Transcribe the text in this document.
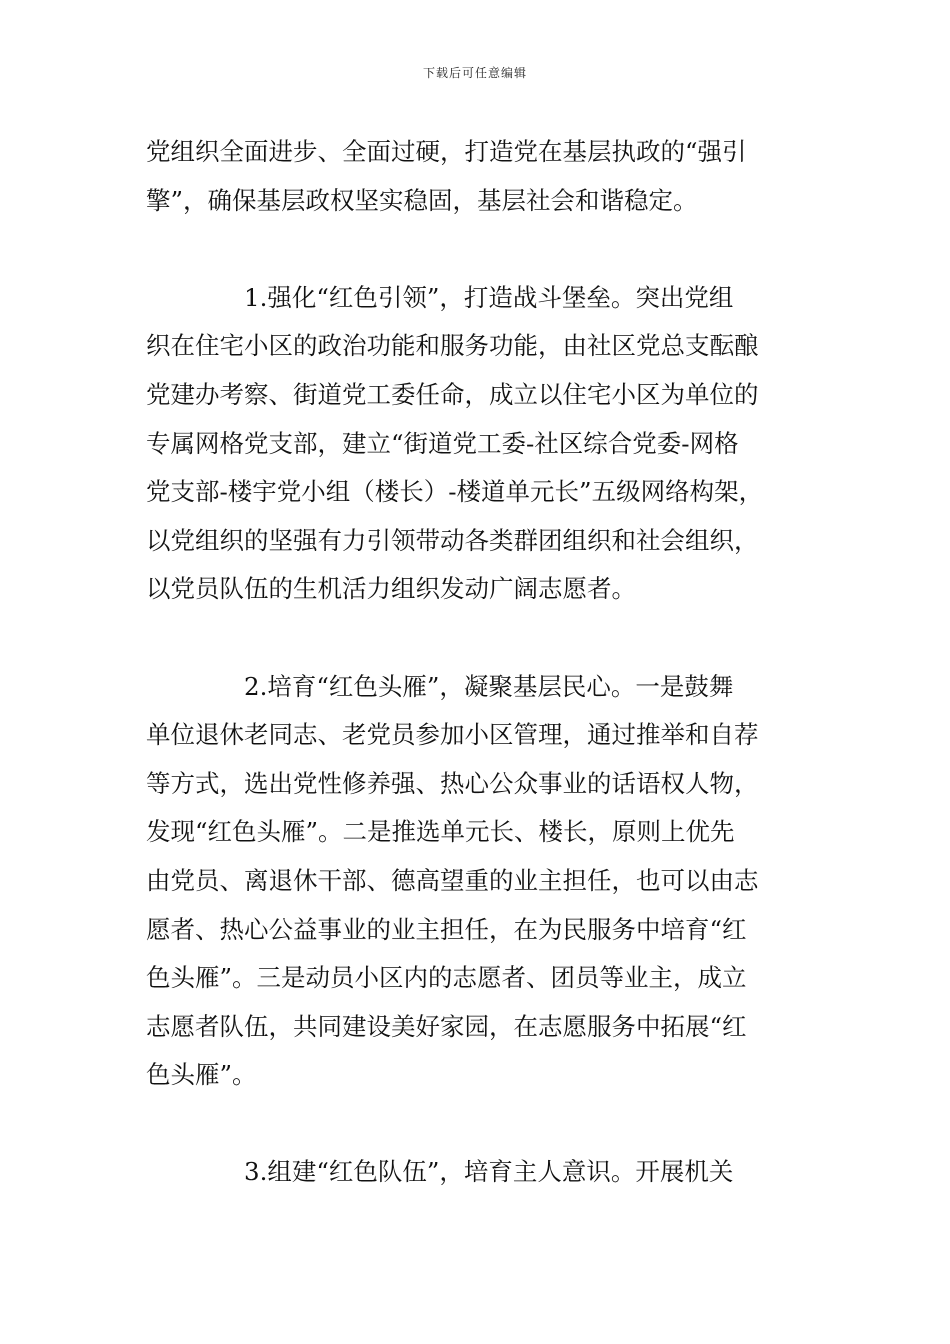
下载后可任意编辑
党组织全面进步、全面过硬，打造党在基层执政的“强引
擎”，确保基层政权坚实稳固，基层社会和谐稳定。
1.强化“红色引领”，打造战斗堡垒。突出党组
织在住宅小区的政治功能和服务功能，由社区党总支酝酿
党建办考察、街道党工委任命，成立以住宅小区为单位的
专属网格党支部，建立“街道党工委-社区综合党委-网格
党支部-楼宇党小组（楼长）-楼道单元长”五级网络构架，
以党组织的坚强有力引领带动各类群团组织和社会组织，
以党员队伍的生机活力组织发动广阔志愿者。
2.培育“红色头雁”，凝聚基层民心。一是鼓舞
单位退休老同志、老党员参加小区管理，通过推举和自荐
等方式，选出党性修养强、热心公众事业的话语权人物，
发现“红色头雁”。二是推选单元长、楼长，原则上优先
由党员、离退休干部、德高望重的业主担任，也可以由志
愿者、热心公益事业的业主担任，在为民服务中培育“红
色头雁”。三是动员小区内的志愿者、团员等业主，成立
志愿者队伍，共同建设美好家园，在志愿服务中拓展“红
色头雁”。
3.组建“红色队伍”，培育主人意识。开展机关
